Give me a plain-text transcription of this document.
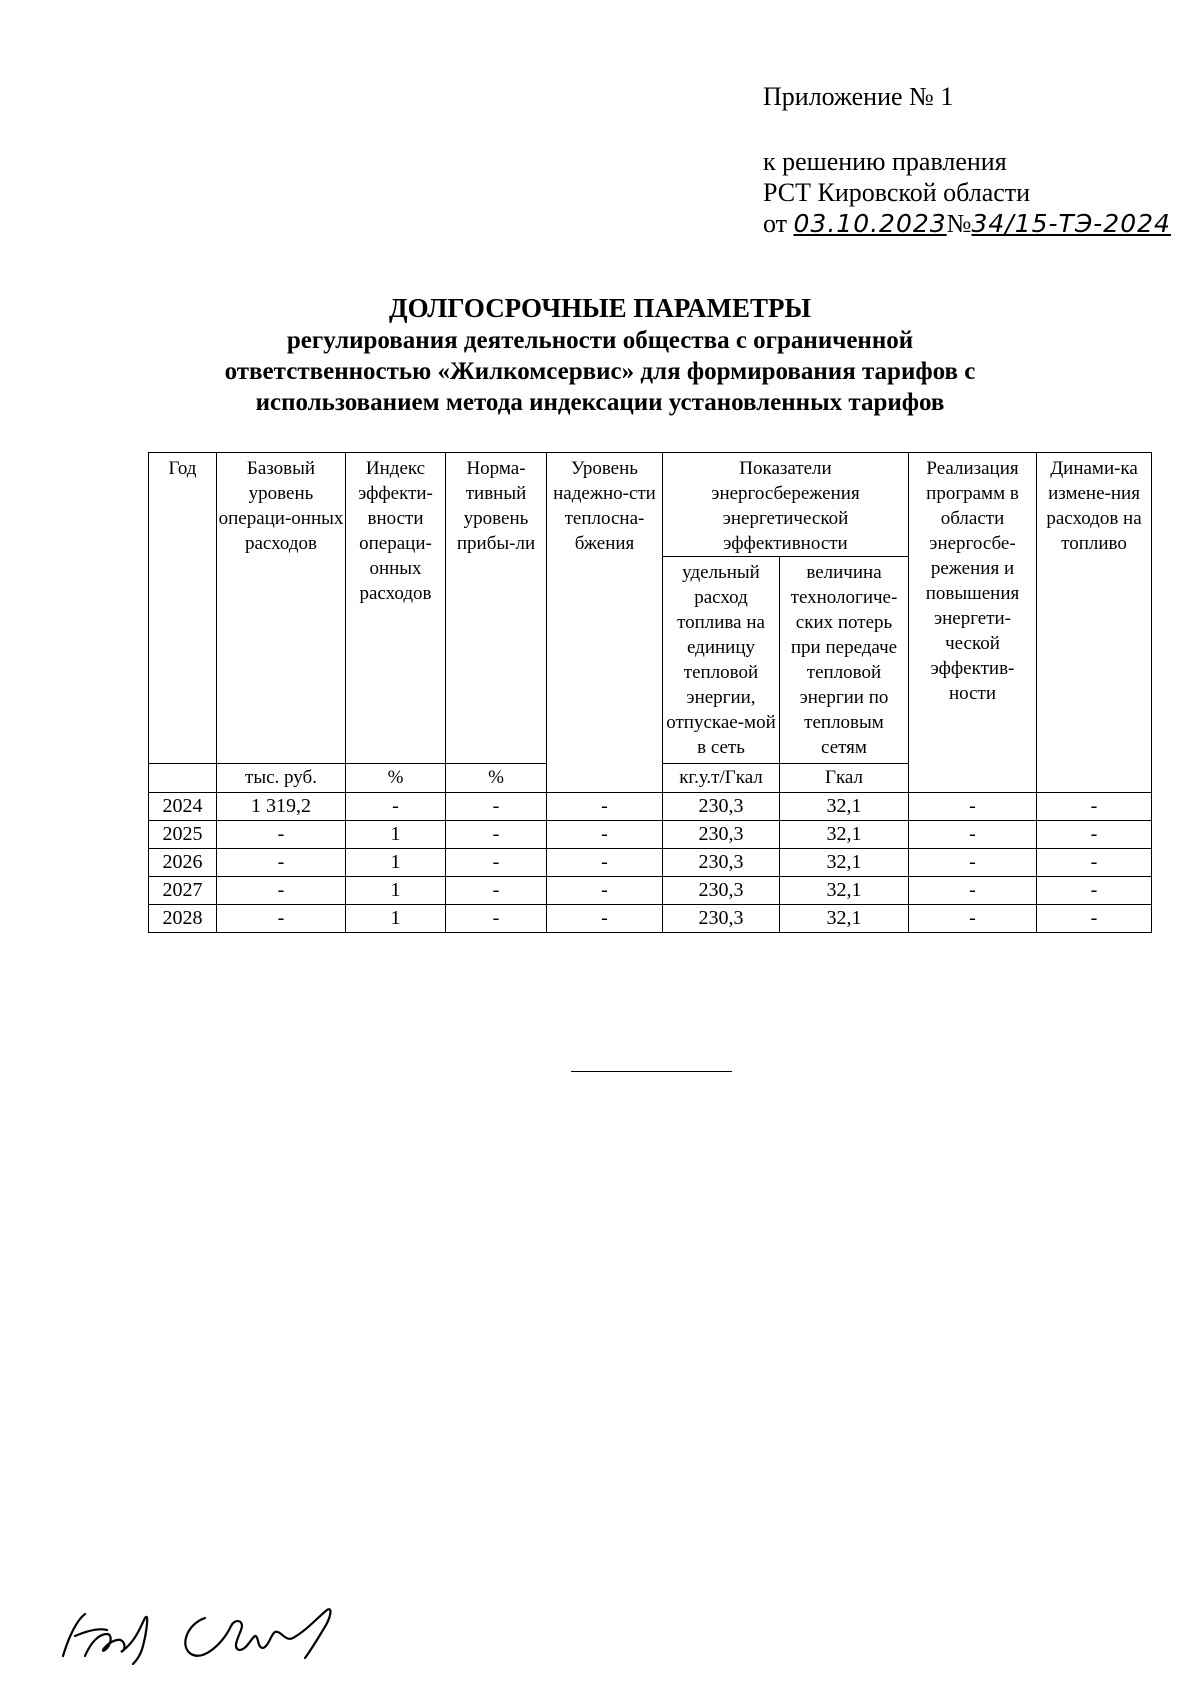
Приложение № 1
к решению правления
РСТ Кировской области
от 03.10.2023№34/15-ТЭ-2024
ДОЛГОСРОЧНЫЕ ПАРАМЕТРЫ
регулирования деятельности общества с ограниченной
ответственностью «Жилкомсервис» для формирования тарифов с
использованием метода индексации установленных тарифов
Год	Базовый уровень операци-онных расходов	Индекс эффекти-вности операци-онных расходов	Норма-тивный уровень прибы-ли	Уровень надежно-сти теплосна-бжения	Показатели энергосбережения энергетической эффективности		Реализация программ в области энергосбе-режения и повышения энергети-ческой эффектив-ности	Динами-ка измене-ния расходов на топливо

					удельный расход топлива на единицу тепловой энергии, отпускае-мой в сеть	величина технологиче-ских потерь при передаче тепловой энергии по тепловым сетям		

	тыс. руб.	%	%		кг.у.т/Гкал	Гкал		
2024	1 319,2	-	-	-	230,3	32,1	-	-
2025	-	1	-	-	230,3	32,1	-	-
2026	-	1	-	-	230,3	32,1	-	-
2027	-	1	-	-	230,3	32,1	-	-
2028	-	1	-	-	230,3	32,1	-	-
